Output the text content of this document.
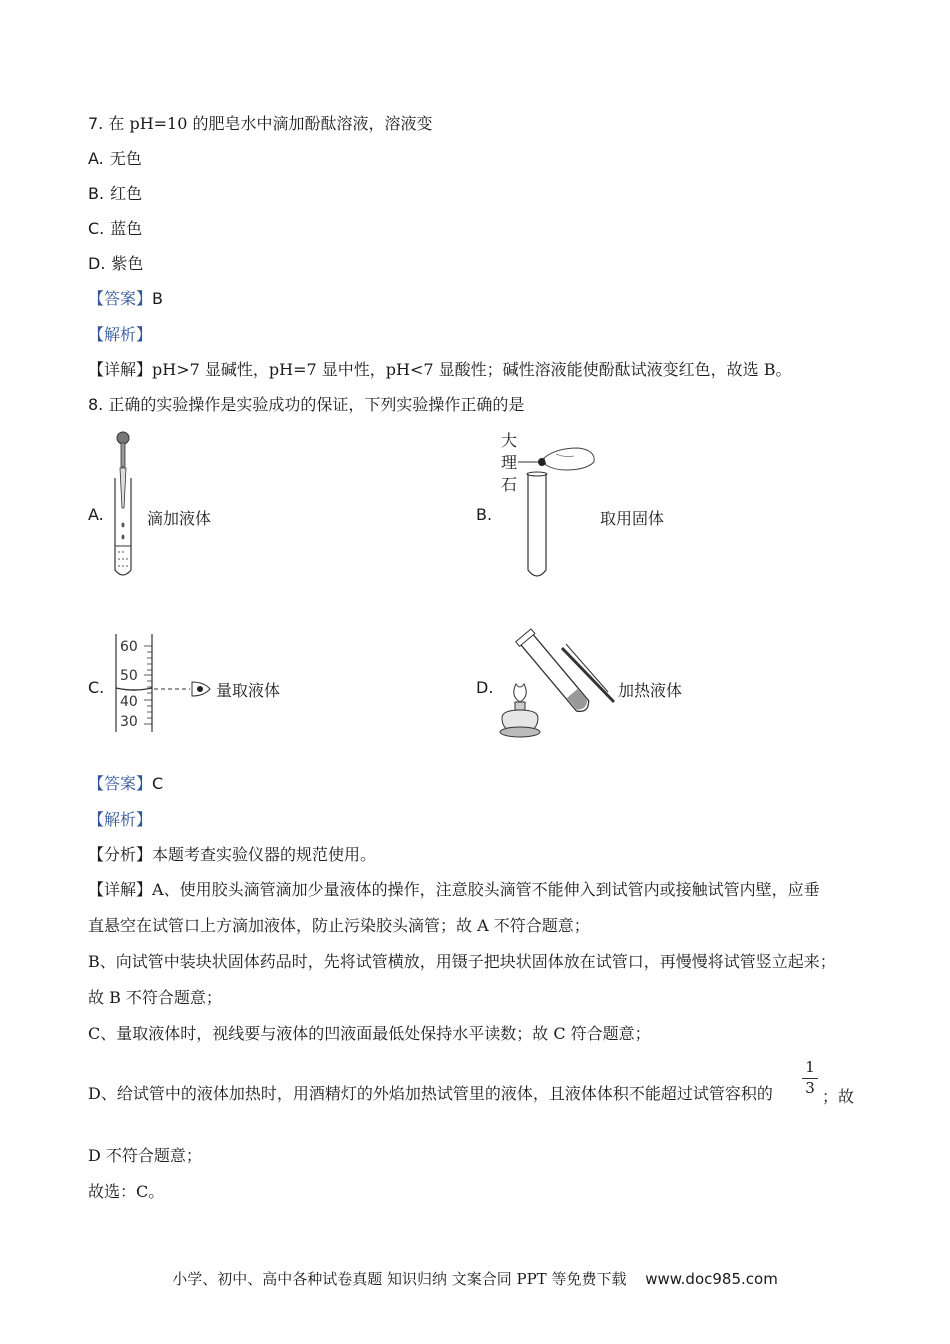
7. 在 pH=10 的肥皂水中滴加酚酞溶液，溶液变
A. 无色
B. 红色
C. 蓝色
D. 紫色
【答案】B
【解析】
【详解】pH>7 显碱性，pH=7 显中性，pH<7 显酸性；碱性溶液能使酚酞试液变红色，故选 B。
8. 正确的实验操作是实验成功的保证，下列实验操作正确的是
A.	滴加液体	B.
大理石
取用固体
C.
60
50
40
30
量取液体	D.	加热液体
【答案】C
【解析】
【分析】本题考查实验仪器的规范使用。
【详解】A、使用胶头滴管滴加少量液体的操作，注意胶头滴管不能伸入到试管内或接触试管内壁，应垂
直悬空在试管口上方滴加液体，防止污染胶头滴管；故 A 不符合题意；
B、向试管中装块状固体药品时，先将试管横放，用镊子把块状固体放在试管口，再慢慢将试管竖立起来；
故 B 不符合题意；
C、量取液体时，视线要与液体的凹液面最低处保持水平读数；故 C 符合题意；
D、给试管中的液体加热时，用酒精灯的外焰加热试管里的液体，且液体体积不能超过试管容积的 $\frac{1}{3}$ ；故
D 不符合题意；
故选：C。
小学、初中、高中各种试卷真题 知识归纳 文案合同 PPT 等免费下载 www.doc985.com
